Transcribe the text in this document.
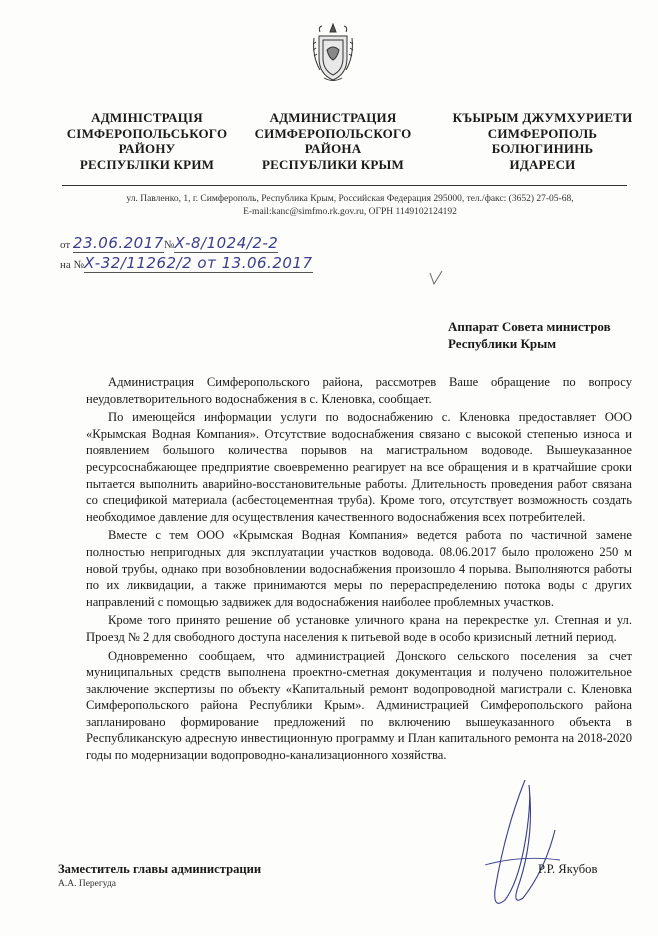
АДМІНІСТРАЦІЯ
СІМФЕРОПОЛЬСЬКОГО
РАЙОНУ
РЕСПУБЛІКИ КРИМ
АДМИНИСТРАЦИЯ
СИМФЕРОПОЛЬСКОГО
РАЙОНА
РЕСПУБЛИКИ КРЫМ
КЪЫРЫМ ДЖУМХУРИЕТИ
СИМФЕРОПОЛЬ
БОЛЮГИНИНЬ
ИДАРЕСИ
ул. Павленко, 1, г. Симферополь, Республика Крым, Российская Федерация 295000, тел./факс: (3652) 27-05-68,
E-mail:kanc@simfmo.rk.gov.ru, ОГРН 1149102124192
от 23.06.2017№Х-8/1024/2-2
на №Х-32/11262/2 от 13.06.2017
Аппарат Совета министров
Республики Крым

Администрация Симферопольского района, рассмотрев Ваше обращение по вопросу неудовлетворительного водоснабжения в с. Кленовка, сообщает.

По имеющейся информации услуги по водоснабжению с. Кленовка предоставляет ООО «Крымская Водная Компания». Отсутствие водоснабжения связано с высокой степенью износа и появлением большого количества порывов на магистральном водоводе. Вышеуказанное ресурсоснабжающее предприятие своевременно реагирует на все обращения и в кратчайшие сроки пытается выполнить аварийно-восстановительные работы. Длительность проведения работ связана со спецификой материала (асбестоцементная труба). Кроме того, отсутствует возможность создать необходимое давление для осуществления качественного водоснабжения всех потребителей.

Вместе с тем ООО «Крымская Водная Компания» ведется работа по частичной замене полностью непригодных для эксплуатации участков водовода. 08.06.2017 было проложено 250 м новой трубы, однако при возобновлении водоснабжения произошло 4 порыва. Выполняются работы по их ликвидации, а также принимаются меры по перераспределению потока воды с других направлений с помощью задвижек для водоснабжения наиболее проблемных участков.

Кроме того принято решение об установке уличного крана на перекрестке ул. Степная и ул. Проезд № 2 для свободного доступа населения к питьевой воде в особо кризисный летний период.

Одновременно сообщаем, что администрацией Донского сельского поселения за счет муниципальных средств выполнена проектно-сметная документация и получено положительное заключение экспертизы по объекту «Капитальный ремонт водопроводной магистрали с. Кленовка Симферопольского района Республики Крым». Администрацией Симферопольского района запланировано формирование предложений по включению вышеуказанного объекта в Республиканскую адресную инвестиционную программу и План капитального ремонта на 2018-2020 годы по модернизации водопроводно-канализационного хозяйства.

Заместитель главы администрации	Р.Р. Якубов
А.А. Перегуда
